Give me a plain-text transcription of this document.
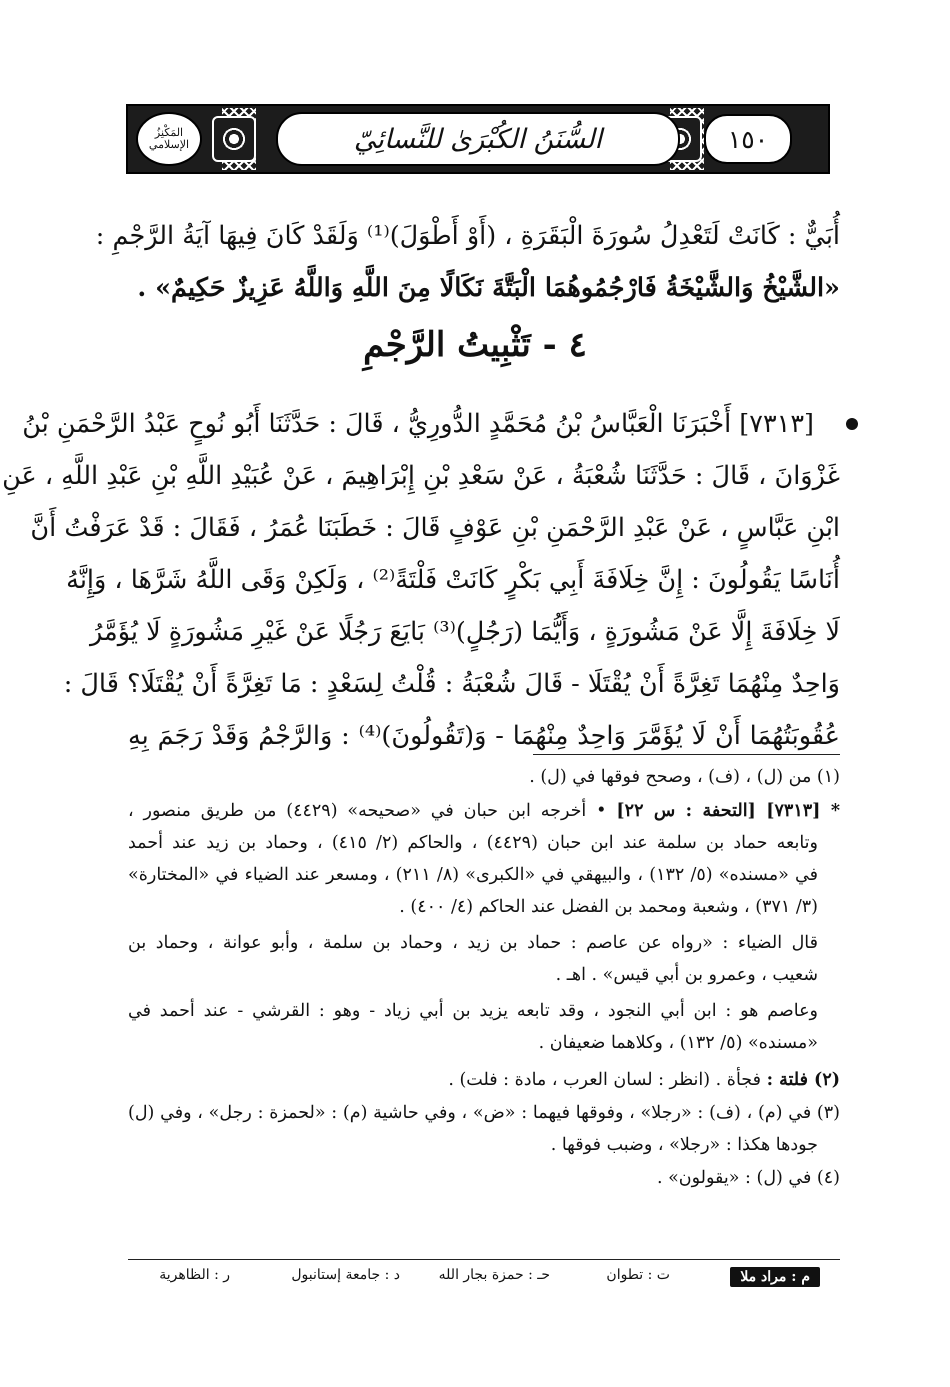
السُّنَنُ الكُبْرَىٰ للنَّسائِيّ	١٥٠
المَكْنِزُ الإسلامي
أُبَيٌّ : كَانَتْ لَتَعْدِلُ سُورَةَ الْبَقَرَةِ ، (أَوْ أَطْوَلَ)⁽¹⁾ وَلَقَدْ كَانَ فِيهَا آيَةُ الرَّجْمِ :
«الشَّيْخُ وَالشَّيْخَةُ فَارْجُمُوهُمَا الْبَتَّةَ نَكَالًا مِنَ اللَّهِ وَاللَّهُ عَزِيزٌ حَكِيمٌ» .
٤ - تَثْبِيتُ الرَّجْمِ
[٧٣١٣] أَخْبَرَنَا الْعَبَّاسُ بْنُ مُحَمَّدٍ الدُّورِيُّ ، قَالَ : حَدَّثَنَا أَبُو نُوحٍ عَبْدُ الرَّحْمَنِ بْنُ
غَزْوَانَ ، قَالَ : حَدَّثَنَا شُعْبَةُ ، عَنْ سَعْدِ بْنِ إِبْرَاهِيمَ ، عَنْ عُبَيْدِ اللَّهِ بْنِ عَبْدِ اللَّهِ ، عَنِ
ابْنِ عَبَّاسٍ ، عَنْ عَبْدِ الرَّحْمَنِ بْنِ عَوْفٍ قَالَ : خَطَبَنَا عُمَرُ ، فَقَالَ : قَدْ عَرَفْتُ أَنَّ
أُنَاسًا يَقُولُونَ : إِنَّ خِلَافَةَ أَبِي بَكْرٍ كَانَتْ فَلْتَةً⁽²⁾ ، وَلَكِنْ وَقَى اللَّهُ شَرَّهَا ، وَإِنَّهُ
لَا خِلَافَةَ إِلَّا عَنْ مَشُورَةٍ ، وَأَيُّمَا (رَجُلٍ)⁽³⁾ بَايَعَ رَجُلًا عَنْ غَيْرِ مَشُورَةٍ لَا يُؤَمَّرُ
وَاحِدٌ مِنْهُمَا تَغِرَّةً أَنْ يُقْتَلَا - قَالَ شُعْبَةُ : قُلْتُ لِسَعْدٍ : مَا تَغِرَّةً أَنْ يُقْتَلَا؟ قَالَ :
عُقُوبَتُهُمَا أَنْ لَا يُؤَمَّرَ وَاحِدٌ مِنْهُمَا - وَ(تَقُولُونَ)⁽⁴⁾ : وَالرَّجْمُ وَقَدْ رَجَمَ بِهِ
(١) من (ل) ، (ف) ، وصحح فوقها في (ل) .
* [٧٣١٣] [التحفة : س ٢٢] • أخرجه ابن حبان في «صحيحه» (٤٤٢٩) من طريق منصور ،
وتابعه حماد بن سلمة عند ابن حبان (٤٤٢٩) ، والحاكم (٢/ ٤١٥) ، وحماد بن زيد عند أحمد
في «مسنده» (٥/ ١٣٢) ، والبيهقي في «الكبرى» (٨/ ٢١١) ، ومسعر عند الضياء في «المختارة»
(٣/ ٣٧١) ، وشعبة ومحمد بن الفضل عند الحاكم (٤/ ٤٠٠) .
قال الضياء : «رواه عن عاصم : حماد بن زيد ، وحماد بن سلمة ، وأبو عوانة ، وحماد بن
شعيب ، وعمرو بن أبي قيس» . اهـ .
وعاصم هو : ابن أبي النجود ، وقد تابعه يزيد بن أبي زياد - وهو : القرشي - عند أحمد في
«مسنده» (٥/ ١٣٢) ، وكلاهما ضعيفان .
(٢) فلتة : فجأة . (انظر : لسان العرب ، مادة : فلت) .
(٣) في (م) ، (ف) : «رجلا» ، وفوقها فيهما : «ض» ، وفي حاشية (م) : «لحمزة : رجل» ، وفي (ل)
جودها هكذا : «رجلا» ، وضبب فوقها .
(٤) في (ل) : «يقولون» .
م : مراد ملا
ت : تطوان
حـ : حمزة بجار الله
د : جامعة إستانبول
ر : الظاهرية
